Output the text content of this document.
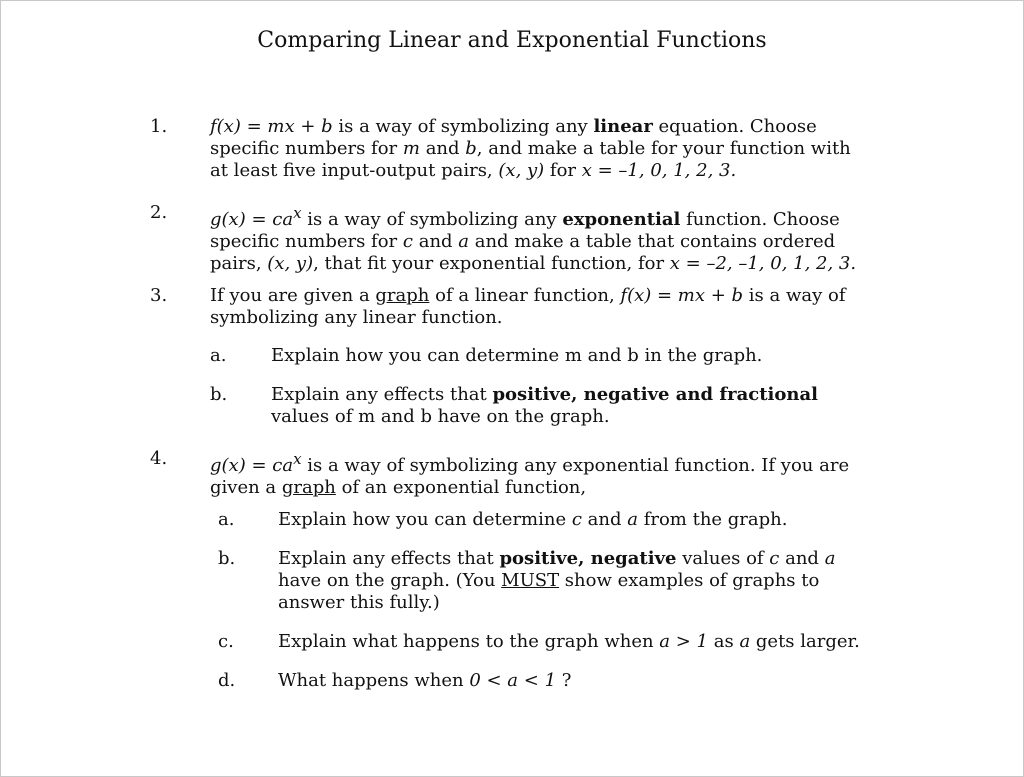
Comparing Linear and Exponential Functions
1. f(x) = mx + b is a way of symbolizing any linear equation. Choose specific numbers for m and b, and make a table for your function with at least five input-output pairs, (x, y) for x = –1, 0, 1, 2, 3.
2. $g(x) = ca^x$ is a way of symbolizing any exponential function. Choose specific numbers for c and a and make a table that contains ordered pairs, (x, y), that fit your exponential function, for x = –2, –1, 0, 1, 2, 3.
3. If you are given a graph of a linear function, f(x) = mx + b is a way of symbolizing any linear function.
a. Explain how you can determine m and b in the graph.
b. Explain any effects that positive, negative and fractional values of m and b have on the graph.
4. $g(x) = ca^x$ is a way of symbolizing any exponential function. If you are given a graph of an exponential function,
a. Explain how you can determine c and a from the graph.
b. Explain any effects that positive, negative values of c and a have on the graph. (You MUST show examples of graphs to answer this fully.)
c. Explain what happens to the graph when a > 1 as a gets larger.
d. What happens when 0 < a < 1 ?
